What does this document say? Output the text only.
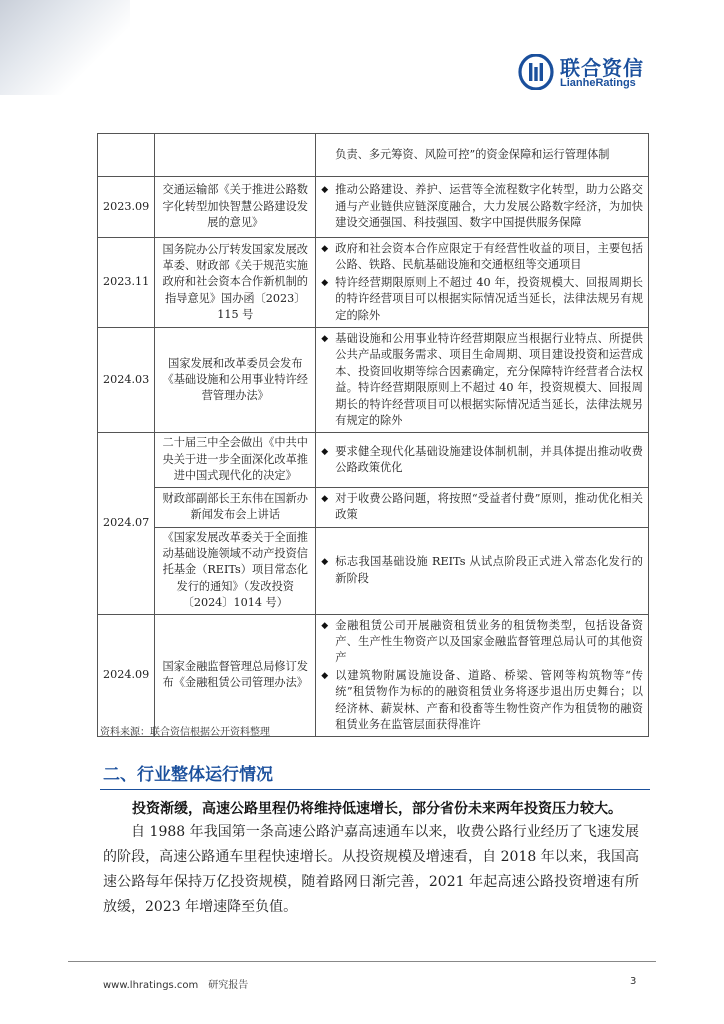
联合资信
LianheRatings

		负责、多元筹资、风险可控”的资金保障和运行管理体制

2023.09	交通运输部《关于推进公路数字化转型加快智慧公路建设发展的意见》	◆ 推动公路建设、养护、运营等全流程数字化转型，助力公路交通与产业链供应链深度融合，大力发展公路数字经济，为加快建设交通强国、科技强国、数字中国提供服务保障

2023.11	国务院办公厅转发国家发展改革委、财政部《关于规范实施政府和社会资本合作新机制的指导意见》国办函〔2023〕115 号	◆ 政府和社会资本合作应限定于有经营性收益的项目，主要包括公路、铁路、民航基础设施和交通枢纽等交通项目
◆ 特许经营期限原则上不超过 40 年，投资规模大、回报周期长的特许经营项目可以根据实际情况适当延长，法律法规另有规定的除外

2024.03	国家发展和改革委员会发布《基础设施和公用事业特许经营管理办法》	◆ 基础设施和公用事业特许经营期限应当根据行业特点、所提供公共产品或服务需求、项目生命周期、项目建设投资和运营成本、投资回收期等综合因素确定，充分保障特许经营者合法权益。特许经营期限原则上不超过 40 年，投资规模大、回报周期长的特许经营项目可以根据实际情况适当延长，法律法规另有规定的除外

2024.07	二十届三中全会做出《中共中央关于进一步全面深化改革推进中国式现代化的决定》	◆ 要求健全现代化基础设施建设体制机制，并具体提出推动收费公路政策优化

	财政部副部长王东伟在国新办新闻发布会上讲话	◆ 对于收费公路问题，将按照“受益者付费”原则，推动优化相关政策

	《国家发展改革委关于全面推动基础设施领域不动产投资信托基金（REITs）项目常态化发行的通知》（发改投资〔2024〕1014 号）	◆ 标志我国基础设施 REITs 从试点阶段正式进入常态化发行的新阶段

2024.09	国家金融监督管理总局修订发布《金融租赁公司管理办法》	◆ 金融租赁公司开展融资租赁业务的租赁物类型，包括设备资产、生产性生物资产以及国家金融监督管理总局认可的其他资产
◆ 以建筑物附属设施设备、道路、桥梁、管网等构筑物等“传统”租赁物作为标的的融资租赁业务将逐步退出历史舞台；以经济林、薪炭林、产畜和役畜等生物性资产作为租赁物的融资租赁业务在监管层面获得准许
资料来源：联合资信根据公开资料整理
二、行业整体运行情况
投资渐缓，高速公路里程仍将维持低速增长，部分省份未来两年投资压力较大。
自 1988 年我国第一条高速公路沪嘉高速通车以来，收费公路行业经历了飞速发展的阶段，高速公路通车里程快速增长。从投资规模及增速看，自 2018 年以来，我国高速公路每年保持万亿投资规模，随着路网日渐完善，2021 年起高速公路投资增速有所放缓，2023 年增速降至负值。
www.lhratings.com　研究报告	3
